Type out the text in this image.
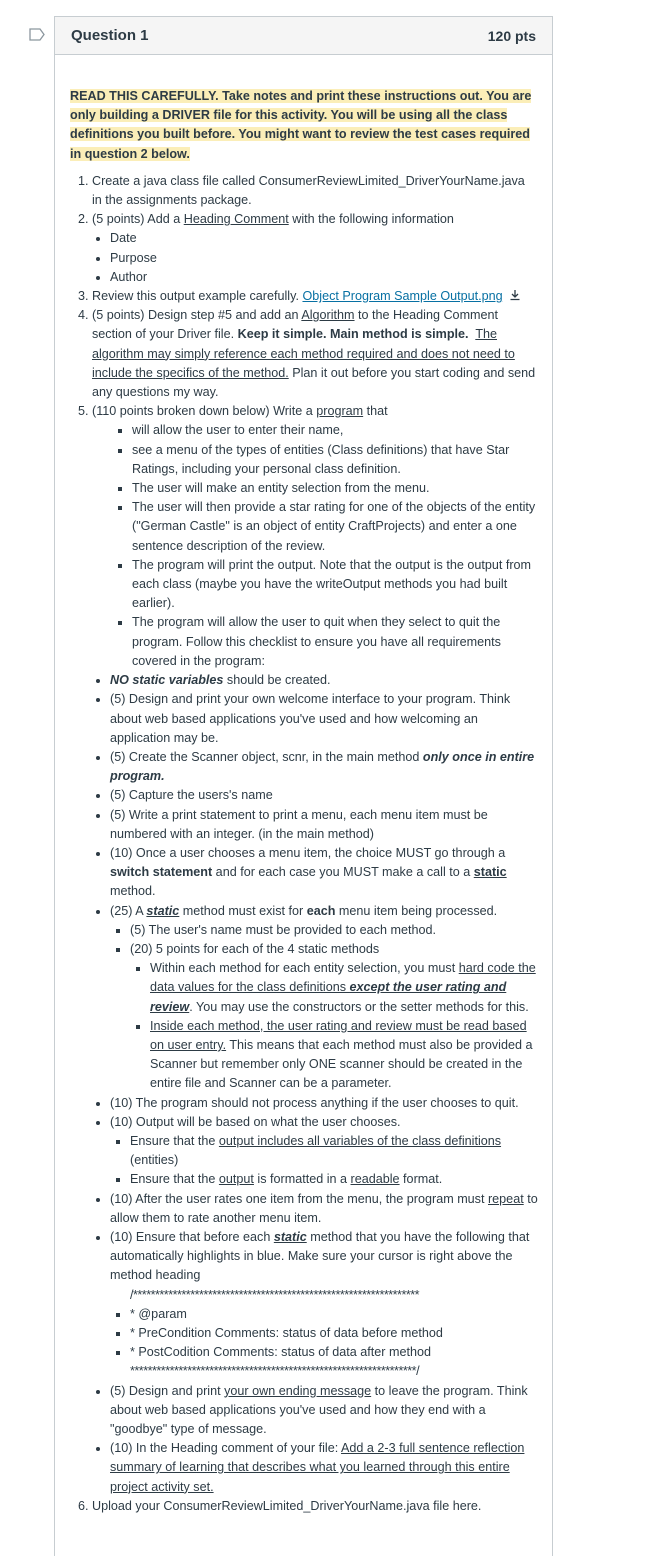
Question 1	120 pts

READ THIS CAREFULLY. Take notes and print these instructions out. You are only building a DRIVER file for this activity. You will be using all the class definitions you built before. You might want to review the test cases required in question 2 below.

1. Create a java class file called ConsumerReviewLimited_DriverYourName.java in the assignments package.
2. (5 points) Add a Heading Comment with the following information
• Date
• Purpose
• Author
3. Review this output example carefully. Object Program Sample Output.png
4. (5 points) Design step #5 and add an Algorithm to the Heading Comment section of your Driver file. Keep it simple. Main method is simple. The algorithm may simply reference each method required and does not need to include the specifics of the method. Plan it out before you start coding and send any questions my way.
5. (110 points broken down below) Write a program that
▪ will allow the user to enter their name,
▪ see a menu of the types of entities (Class definitions) that have Star Ratings, including your personal class definition.
▪ The user will make an entity selection from the menu.
▪ The user will then provide a star rating for one of the objects of the entity ("German Castle" is an object of entity CraftProjects) and enter a one sentence description of the review.
▪ The program will print the output. Note that the output is the output from each class (maybe you have the writeOutput methods you had built earlier).
▪ The program will allow the user to quit when they select to quit the program. Follow this checklist to ensure you have all requirements covered in the program:
• NO static variables should be created.
• (5) Design and print your own welcome interface to your program. Think about web based applications you've used and how welcoming an application may be.
• (5) Create the Scanner object, scnr, in the main method only once in entire program.
• (5) Capture the users's name
• (5) Write a print statement to print a menu, each menu item must be numbered with an integer. (in the main method)
• (10) Once a user chooses a menu item, the choice MUST go through a switch statement and for each case you MUST make a call to a static method.
• (25) A static method must exist for each menu item being processed.
▪ (5) The user's name must be provided to each method.
▪ (20) 5 points for each of the 4 static methods
▪ Within each method for each entity selection, you must hard code the data values for the class definitions except the user rating and review. You may use the constructors or the setter methods for this.
▪ Inside each method, the user rating and review must be read based on user entry. This means that each method must also be provided a Scanner but remember only ONE scanner should be created in the entire file and Scanner can be a parameter.
• (10) The program should not process anything if the user chooses to quit.
• (10) Output will be based on what the user chooses.
▪ Ensure that the output includes all variables of the class definitions (entities)
▪ Ensure that the output is formatted in a readable format.
• (10) After the user rates one item from the menu, the program must repeat to allow them to rate another menu item.
• (10) Ensure that before each static method that you have the following that automatically highlights in blue. Make sure your cursor is right above the method heading
▪ /*****************************************************************
▪ * @param
▪ * PreCondition Comments: status of data before method
▪ * PostCodition Comments: status of data after method
▪ *****************************************************************/
• (5) Design and print your own ending message to leave the program. Think about web based applications you've used and how they end with a "goodbye" type of message.
• (10) In the Heading comment of your file: Add a 2-3 full sentence reflection summary of learning that describes what you learned through this entire project activity set.
6. Upload your ConsumerReviewLimited_DriverYourName.java file here.
